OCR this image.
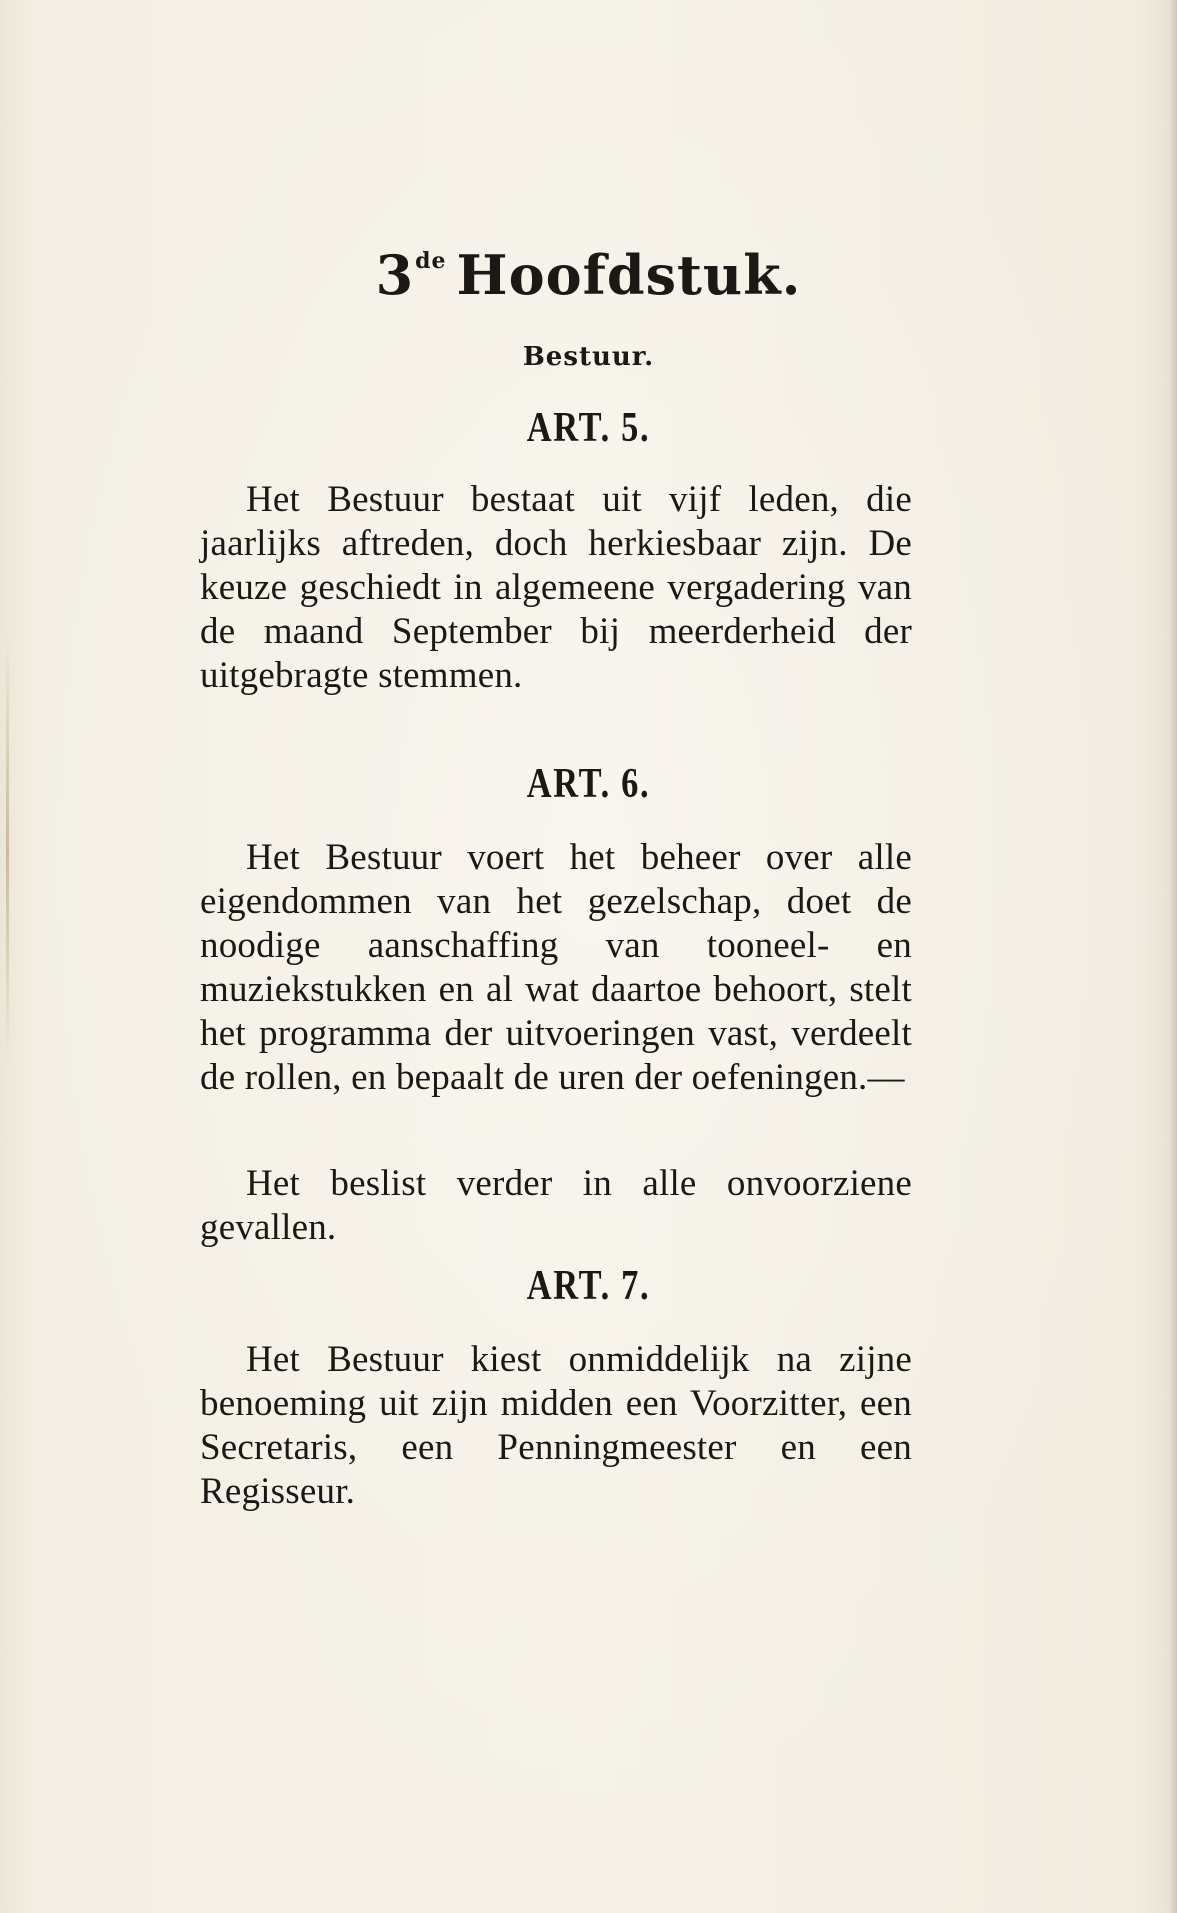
3de Hoofdstuk.
Bestuur.
ART. 5.
Het Bestuur bestaat uit vijf leden, die jaarlijks aftreden, doch herkiesbaar zijn. De keuze geschiedt in algemeene vergadering van de maand September bij meerderheid der uitgebragte stemmen.
ART. 6.
Het Bestuur voert het beheer over alle eigendommen van het gezelschap, doet de noodige aanschaffing van tooneel- en muziekstukken en al wat daartoe behoort, stelt het programma der uitvoeringen vast, verdeelt de rollen, en bepaalt de uren der oefeningen.—
Het beslist verder in alle onvoorziene gevallen.
ART. 7.
Het Bestuur kiest onmiddelijk na zijne benoeming uit zijn midden een Voorzitter, een Secretaris, een Penningmeester en een Regisseur.
